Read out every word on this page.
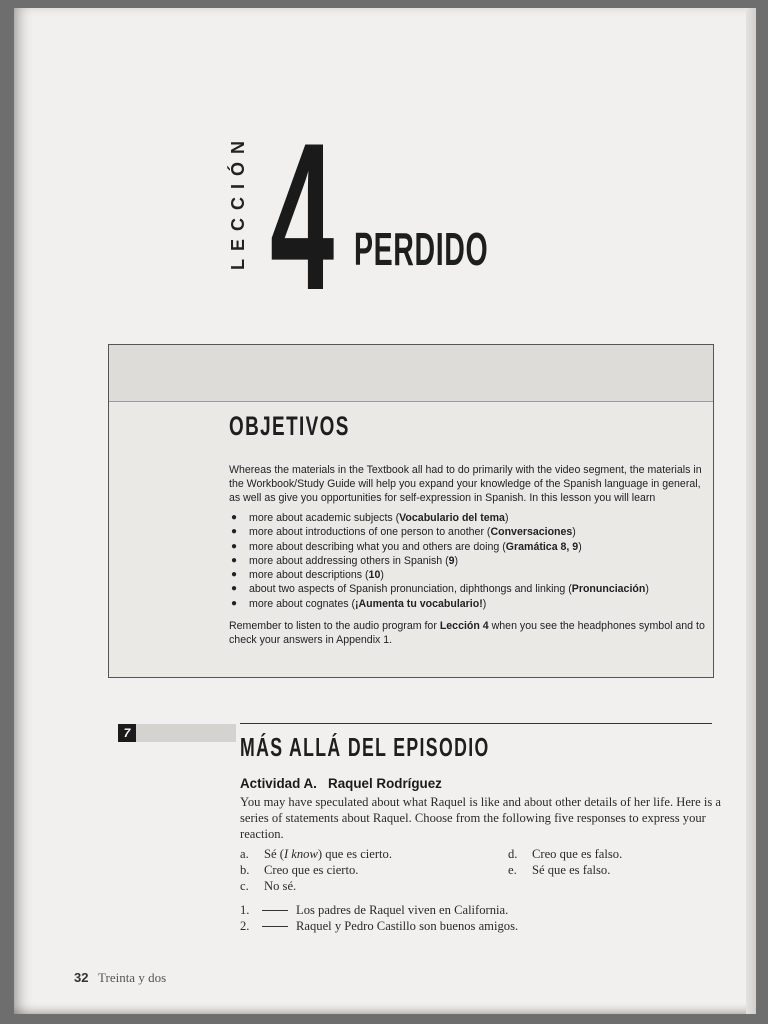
LECCIÓN 4 PERDIDO
OBJETIVOS

Whereas the materials in the Textbook all had to do primarily with the video segment, the materials in the Workbook/Study Guide will help you expand your knowledge of the Spanish language in general, as well as give you opportunities for self-expression in Spanish. In this lesson you will learn

● more about academic subjects (Vocabulario del tema)
● more about introductions of one person to another (Conversaciones)
● more about describing what you and others are doing (Gramática 8, 9)
● more about addressing others in Spanish (9)
● more about descriptions (10)
● about two aspects of Spanish pronunciation, diphthongs and linking (Pronunciación)
● more about cognates (¡Aumenta tu vocabulario!)

Remember to listen to the audio program for Lección 4 when you see the headphones symbol and to check your answers in Appendix 1.

7	MÁS ALLÁ DEL EPISODIO
Actividad A.   Raquel Rodríguez
You may have speculated about what Raquel is like and about other details of her life. Here is a series of statements about Raquel. Choose from the following five responses to express your reaction.
a. Sé (I know) que es cierto.
b. Creo que es cierto.
c. No sé.
d. Creo que es falso.
e. Sé que es falso.
1.	Los padres de Raquel viven en California.
2.	Raquel y Pedro Castillo son buenos amigos.
32 Treinta y dos
